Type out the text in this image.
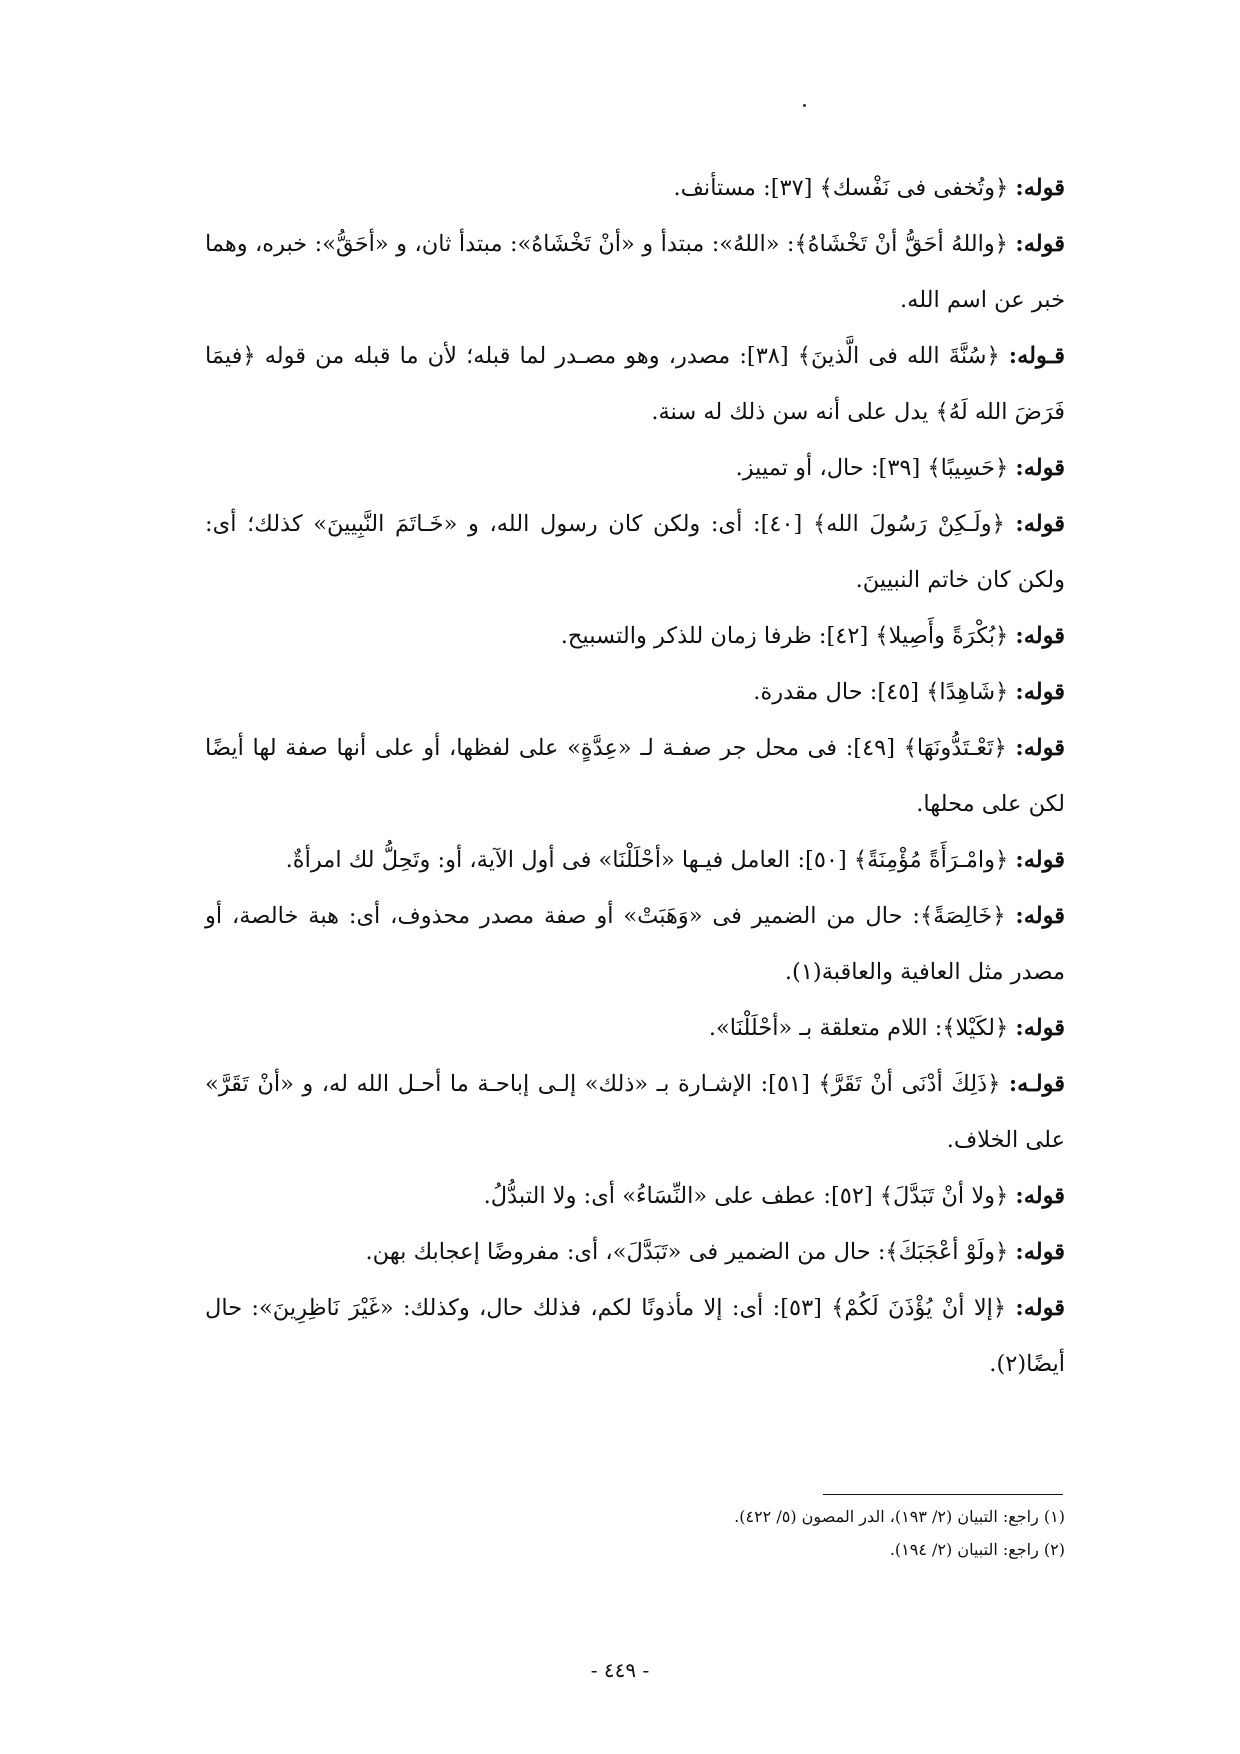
قوله: ﴿وتُخفى فى نَفْسك﴾ [٣٧]: مستأنف.

قوله: ﴿واللهُ أحَقُّ أنْ تَخْشَاهُ﴾: «اللهُ»: مبتدأ و «أنْ تَخْشَاهُ»: مبتدأ ثان، و «أحَقُّ»: خبره، وهما خبر عن اسم الله.

قـوله: ﴿سُنَّةَ الله فى الَّذينَ﴾ [٣٨]: مصدر، وهو مصـدر لما قبله؛ لأن ما قبله من قوله ﴿فيمَا فَرَضَ الله لَهُ﴾ يدل على أنه سن ذلك له سنة.

قوله: ﴿حَسِيبًا﴾ [٣٩]: حال، أو تمييز.

قوله: ﴿ولَـكِنْ رَسُولَ الله﴾ [٤٠]: أى: ولكن كان رسول الله، و «خَـاتَمَ النَّبِيينَ» كذلك؛ أى: ولكن كان خاتم النبيينَ.

قوله: ﴿بُكْرَةً وأَصِيلا﴾ [٤٢]: ظرفا زمان للذكر والتسبيح.

قوله: ﴿شَاهِدًا﴾ [٤٥]: حال مقدرة.

قوله: ﴿تَعْـتَدُّونَهَا﴾ [٤٩]: فى محل جر صفـة لـ «عِدَّةٍ» على لفظها، أو على أنها صفة لها أيضًا لكن على محلها.

قوله: ﴿وامْـرَأَةً مُؤْمِنَةً﴾ [٥٠]: العامل فيـها «أحْلَلْنَا» فى أول الآية، أو: وتَحِلُّ لك امرأةٌ.

قوله: ﴿خَالِصَةً﴾: حال من الضمير فى «وَهَبَتْ» أو صفة مصدر محذوف، أى: هبة خالصة، أو مصدر مثل العافية والعاقبة(١).

قوله: ﴿لكَيْلا﴾: اللام متعلقة بـ «أحْلَلْنَا».

قولـه: ﴿ذَلِكَ أدْنَى أنْ تَقَرَّ﴾ [٥١]: الإشـارة بـ «ذلك» إلـى إباحـة ما أحـل الله له، و «أنْ تَقَرَّ» على الخلاف.

قوله: ﴿ولا أنْ تَبَدَّلَ﴾ [٥٢]: عطف على «النِّسَاءُ» أى: ولا التبدُّلُ.

قوله: ﴿ولَوْ أعْجَبَكَ﴾: حال من الضمير فى «تَبَدَّلَ»، أى: مفروضًا إعجابك بهن.

قوله: ﴿إلا أنْ يُؤْذَنَ لَكُمْ﴾ [٥٣]: أى: إلا مأذونًا لكم، فذلك حال، وكذلك: «غَيْرَ نَاظِرِينَ»: حال أيضًا(٢).

(١) راجع: التبيان (٢/ ١٩٣)، الدر المصون (٥/ ٤٢٢).

(٢) راجع: التبيان (٢/ ١٩٤).

- ٤٤٩ -
